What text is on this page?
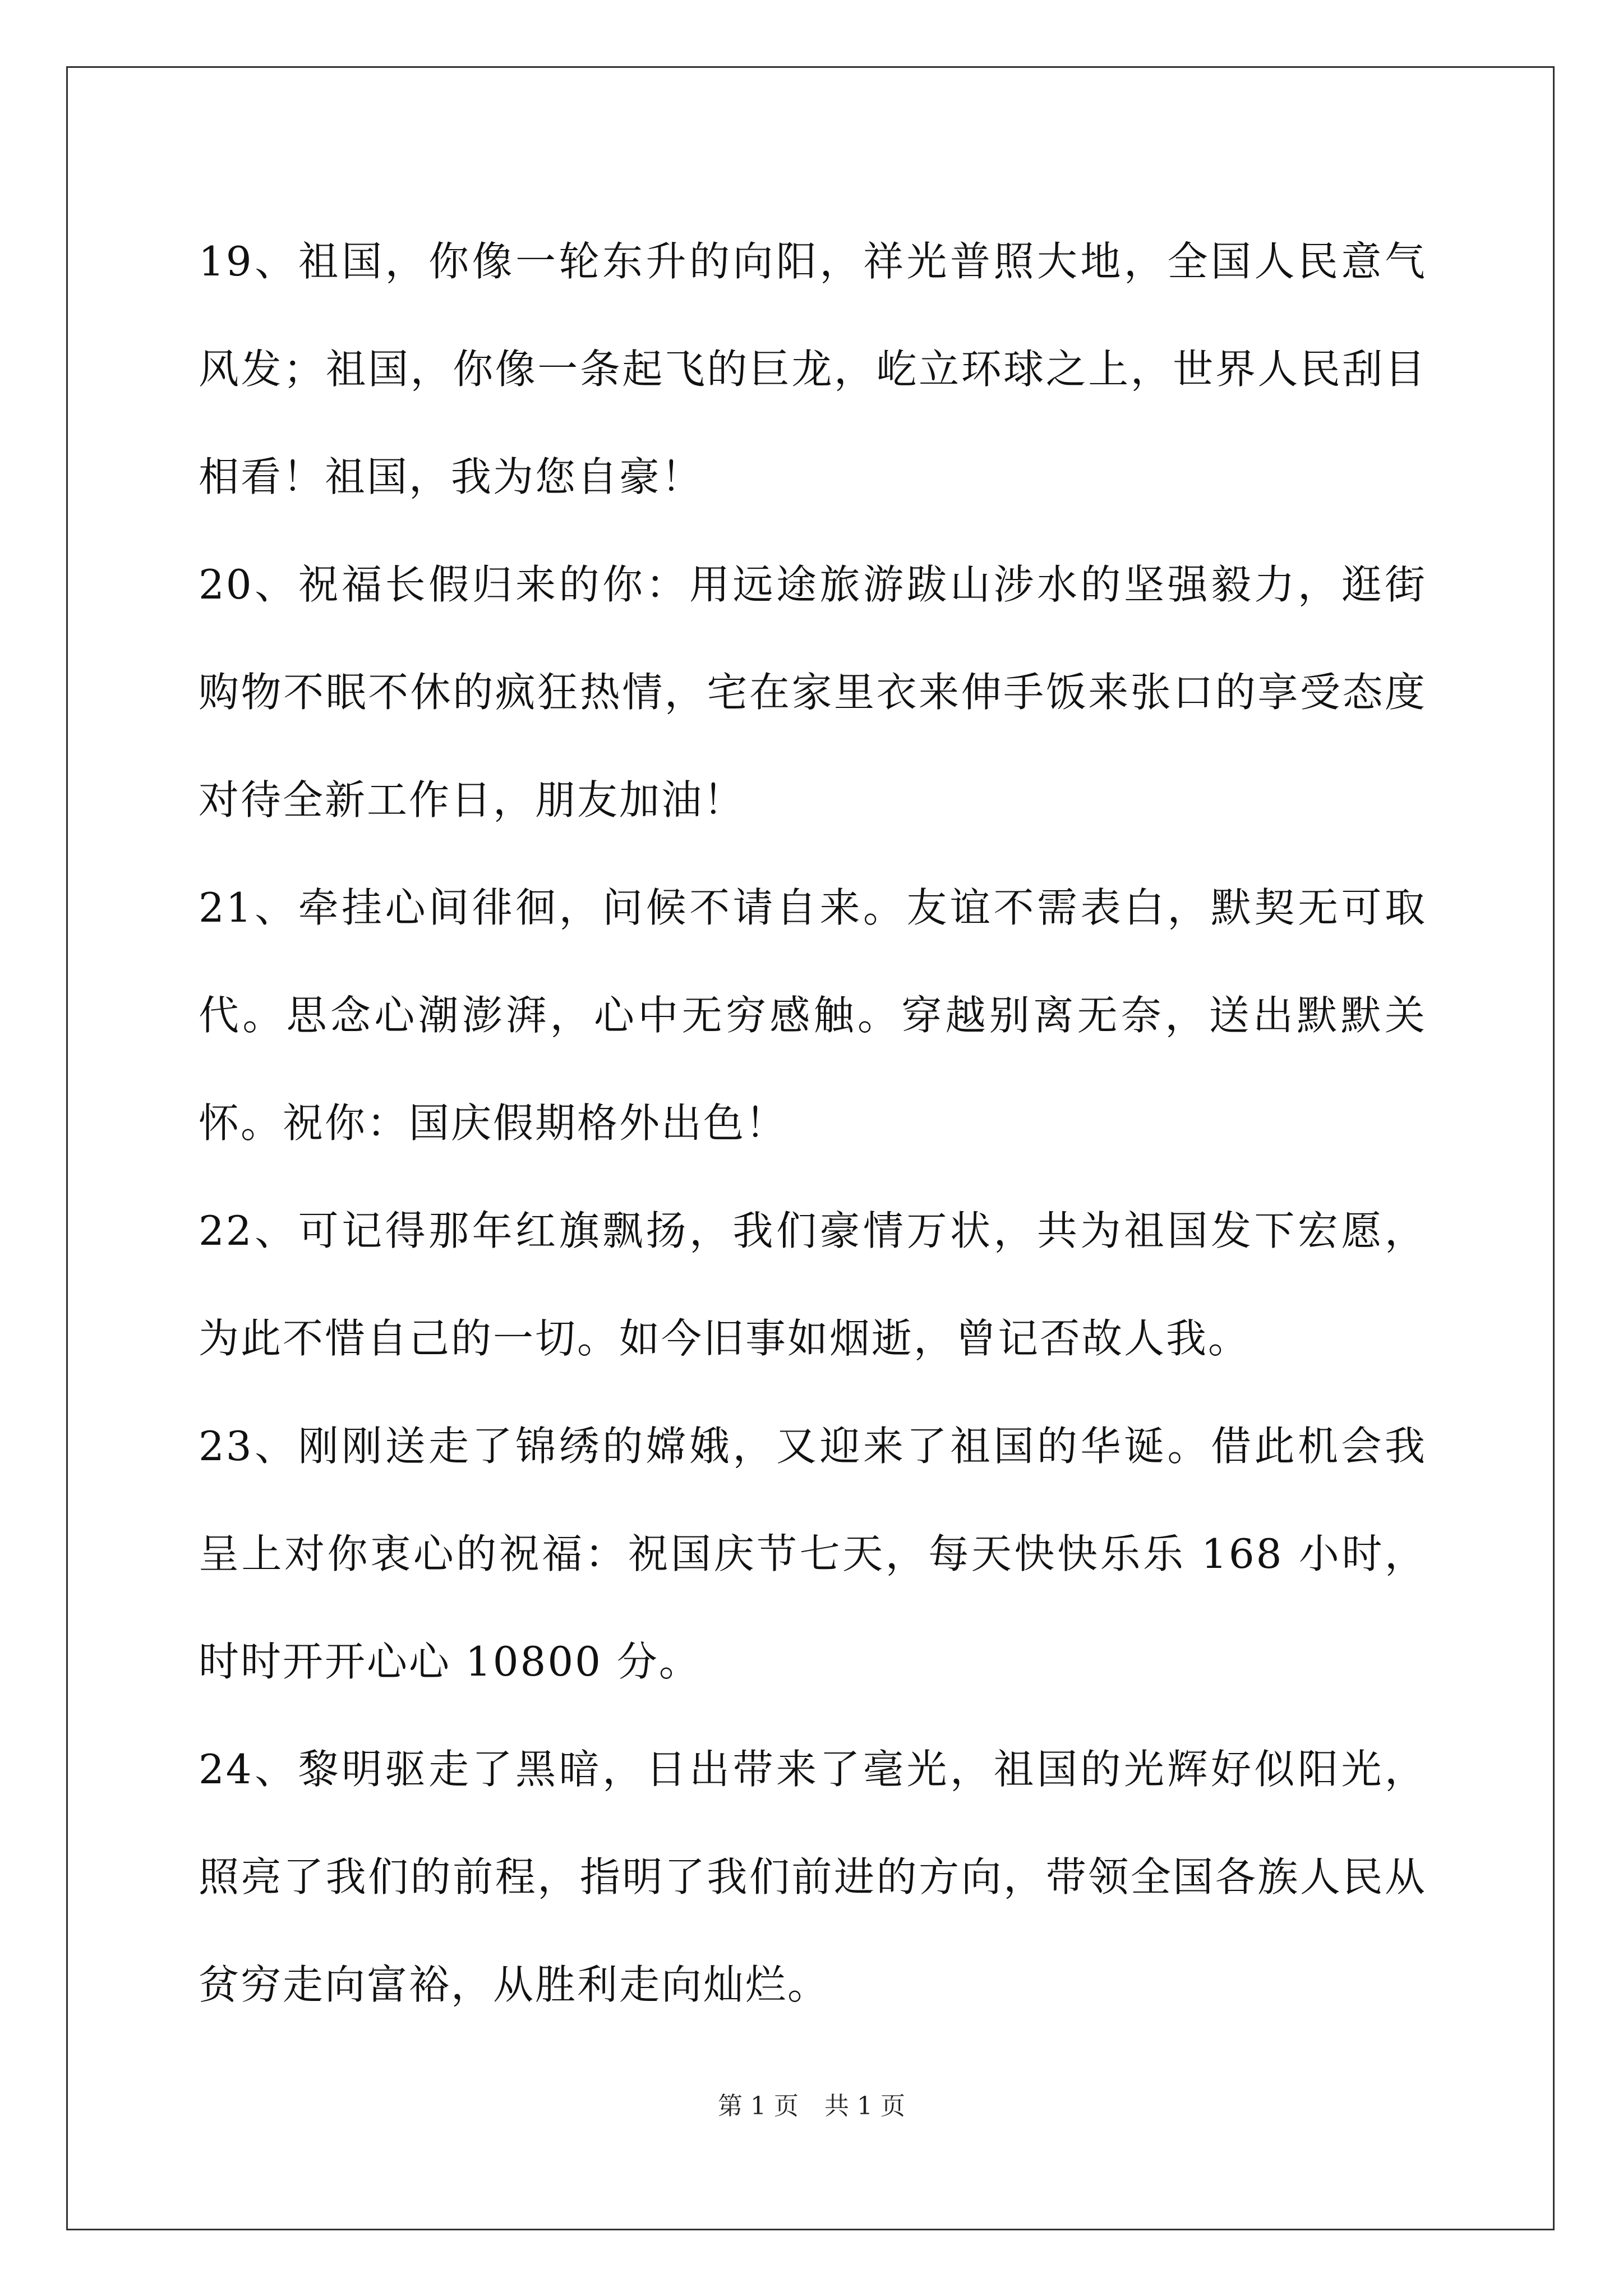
19、祖国，你像一轮东升的向阳，祥光普照大地，全国人民意气风发；祖国，你像一条起飞的巨龙，屹立环球之上，世界人民刮目相看！祖国，我为您自豪！

20、祝福长假归来的你：用远途旅游跋山涉水的坚强毅力，逛街购物不眠不休的疯狂热情，宅在家里衣来伸手饭来张口的享受态度对待全新工作日，朋友加油！

21、牵挂心间徘徊，问候不请自来。友谊不需表白，默契无可取代。思念心潮澎湃，心中无穷感触。穿越别离无奈，送出默默关怀。祝你：国庆假期格外出色！

22、可记得那年红旗飘扬，我们豪情万状，共为祖国发下宏愿，为此不惜自己的一切。如今旧事如烟逝，曾记否故人我。

23、刚刚送走了锦绣的嫦娥，又迎来了祖国的华诞。借此机会我呈上对你衷心的祝福：祝国庆节七天，每天快快乐乐 168 小时，时时开开心心 10800 分。

24、黎明驱走了黑暗，日出带来了毫光，祖国的光辉好似阳光，照亮了我们的前程，指明了我们前进的方向，带领全国各族人民从贫穷走向富裕，从胜利走向灿烂。

第 1 页 共 1 页
